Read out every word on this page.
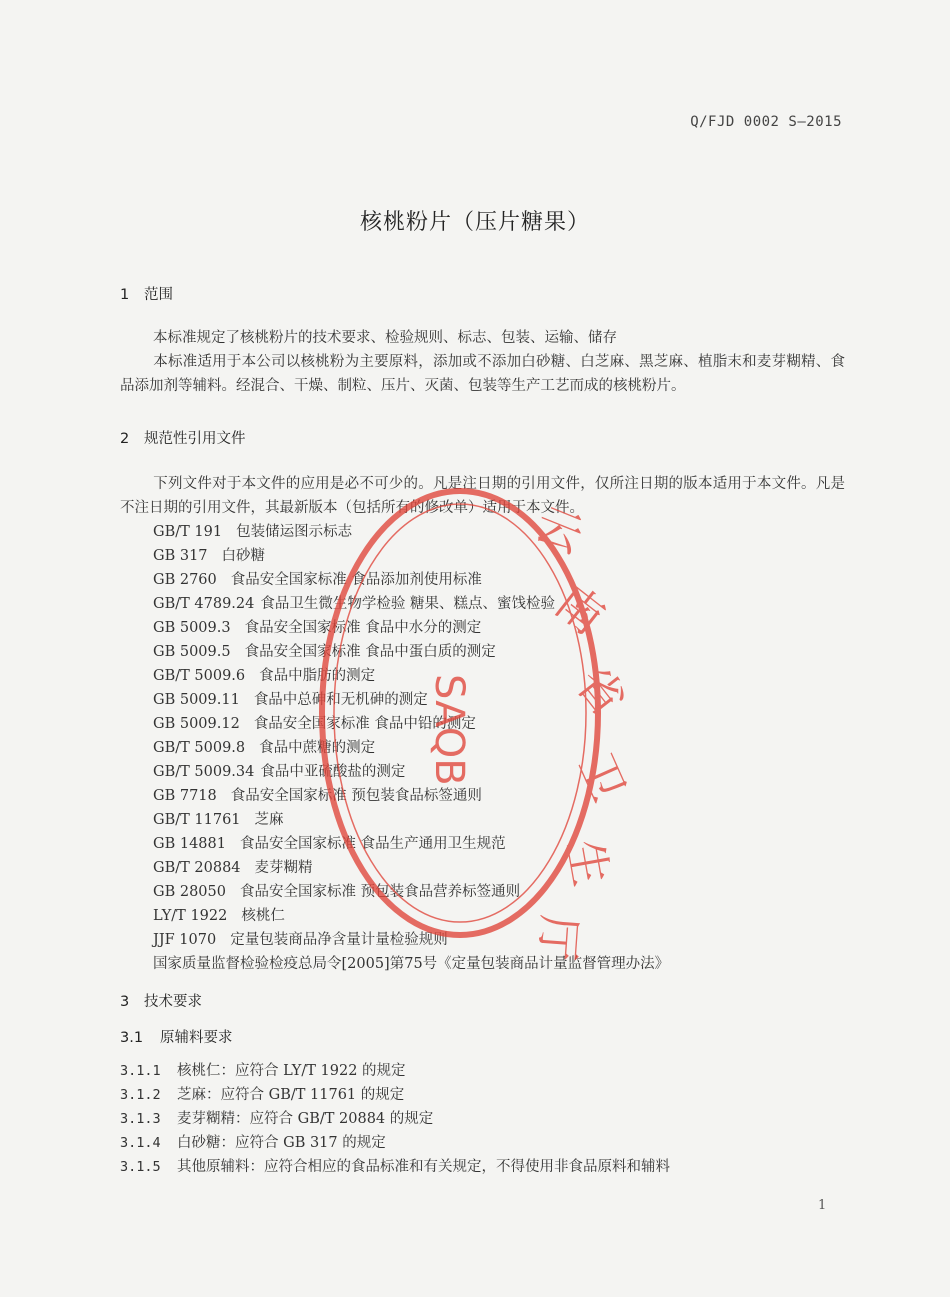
Q/FJD 0002 S—2015
核桃粉片（压片糖果）
1 范围
本标准规定了核桃粉片的技术要求、检验规则、标志、包装、运输、储存
本标准适用于本公司以核桃粉为主要原料，添加或不添加白砂糖、白芝麻、黑芝麻、植脂末和麦芽糊精、食品添加剂等辅料。经混合、干燥、制粒、压片、灭菌、包装等生产工艺而成的核桃粉片。
2 规范性引用文件
下列文件对于本文件的应用是必不可少的。凡是注日期的引用文件，仅所注日期的版本适用于本文件。凡是不注日期的引用文件，其最新版本（包括所有的修改单）适用于本文件。
GB/T 191 包装储运图示标志
GB 317 白砂糖
GB 2760 食品安全国家标准 食品添加剂使用标准
GB/T 4789.24 食品卫生微生物学检验 糖果、糕点、蜜饯检验
GB 5009.3 食品安全国家标准 食品中水分的测定
GB 5009.5 食品安全国家标准 食品中蛋白质的测定
GB/T 5009.6 食品中脂肪的测定
GB 5009.11 食品中总砷和无机砷的测定
GB 5009.12 食品安全国家标准 食品中铅的测定
GB/T 5009.8 食品中蔗糖的测定
GB/T 5009.34 食品中亚硫酸盐的测定
GB 7718 食品安全国家标准 预包装食品标签通则
GB/T 11761 芝麻
GB 14881 食品安全国家标准 食品生产通用卫生规范
GB/T 20884 麦芽糊精
GB 28050 食品安全国家标准 预包装食品营养标签通则
LY/T 1922 核桃仁
JJF 1070 定量包装商品净含量计量检验规则
国家质量监督检验检疫总局令[2005]第75号《定量包装商品计量监督管理办法》
3 技术要求
3.1 原辅料要求
3.1.1 核桃仁：应符合 LY/T 1922 的规定
3.1.2 芝麻：应符合 GB/T 11761 的规定
3.1.3 麦芽糊精：应符合 GB/T 20884 的规定
3.1.4 白砂糖：应符合 GB 317 的规定
3.1.5 其他原辅料：应符合相应的食品标准和有关规定，不得使用非食品原料和辅料
1
云
南
省
卫
生
厅
SAQB
